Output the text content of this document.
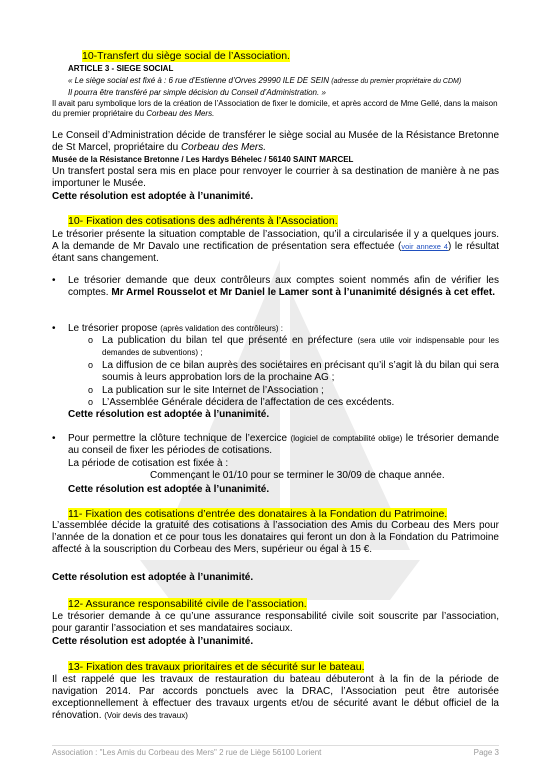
10-Transfert du siège social de l’Association.
ARTICLE 3 - SIEGE SOCIAL
« Le siège social est fixé à : 6 rue d’Estienne d’Orves 29990 ILE DE SEIN (adresse du premier propriétaire du CDM)
Il pourra être transféré par simple décision du Conseil d’Administration. »
Il avait paru symbolique lors de la création de l’Association de fixer le domicile, et après accord de Mme Gellé, dans la maison du premier propriétaire du Corbeau des Mers.
Le Conseil d’Administration décide de transférer le siège social au Musée de la Résistance Bretonne de St Marcel, propriétaire du Corbeau des Mers.
Musée de la Résistance Bretonne / Les Hardys Béhelec / 56140 SAINT MARCEL
Un transfert postal sera mis en place pour renvoyer le courrier à sa destination de manière à ne pas importuner le Musée.
Cette résolution est adoptée à l’unanimité.
10- Fixation des cotisations des adhérents à l’Association.
Le trésorier présente la situation comptable de l’association, qu’il a circularisée il y a quelques jours. A la demande de Mr Davalo une rectification de présentation sera effectuée (voir annexe 4) le résultat étant sans changement.
• Le trésorier demande que deux contrôleurs aux comptes soient nommés afin de vérifier les comptes. Mr Armel Rousselot et Mr Daniel le Lamer sont à l’unanimité désignés à cet effet.
• Le trésorier propose (après validation des contrôleurs) :
o La publication du bilan tel que présenté en préfecture (sera utile voir indispensable pour les demandes de subventions) ;
o La diffusion de ce bilan auprès des sociétaires en précisant qu’il s’agit là du bilan qui sera soumis à leurs approbation lors de la prochaine AG ;
o La publication sur le site Internet de l’Association ;
o L’Assemblée Générale décidera de l’affectation de ces excédents.
Cette résolution est adoptée à l’unanimité.
• Pour permettre la clôture technique de l’exercice (logiciel de comptabilité oblige) le trésorier demande au conseil de fixer les périodes de cotisations.
La période de cotisation est fixée à :
Commençant le 01/10 pour se terminer le 30/09 de chaque année.
Cette résolution est adoptée à l’unanimité.
11- Fixation des cotisations d’entrée des donataires à la Fondation du Patrimoine.
L’assemblée décide la gratuité des cotisations à l’association des Amis du Corbeau des Mers pour l’année de la donation et ce pour tous les donataires qui feront un don à la Fondation du Patrimoine affecté à la souscription du Corbeau des Mers, supérieur ou égal à 15 €.
Cette résolution est adoptée à l’unanimité.
12- Assurance responsabilité civile de l’association.
Le trésorier demande à ce qu’une assurance responsabilité civile soit souscrite par l’association, pour garantir l’association et ses mandataires sociaux.
Cette résolution est adoptée à l’unanimité.
13- Fixation des travaux prioritaires et de sécurité sur le bateau.
Il est rappelé que les travaux de restauration du bateau débuteront à la fin de la période de navigation 2014. Par accords ponctuels avec la DRAC, l’Association peut être autorisée exceptionnellement à effectuer des travaux urgents et/ou de sécurité avant le début officiel de la rénovation. (Voir devis des travaux)
Association : "Les Amis du Corbeau des Mers" 2 rue de Liège 56100 Lorient	Page 3
